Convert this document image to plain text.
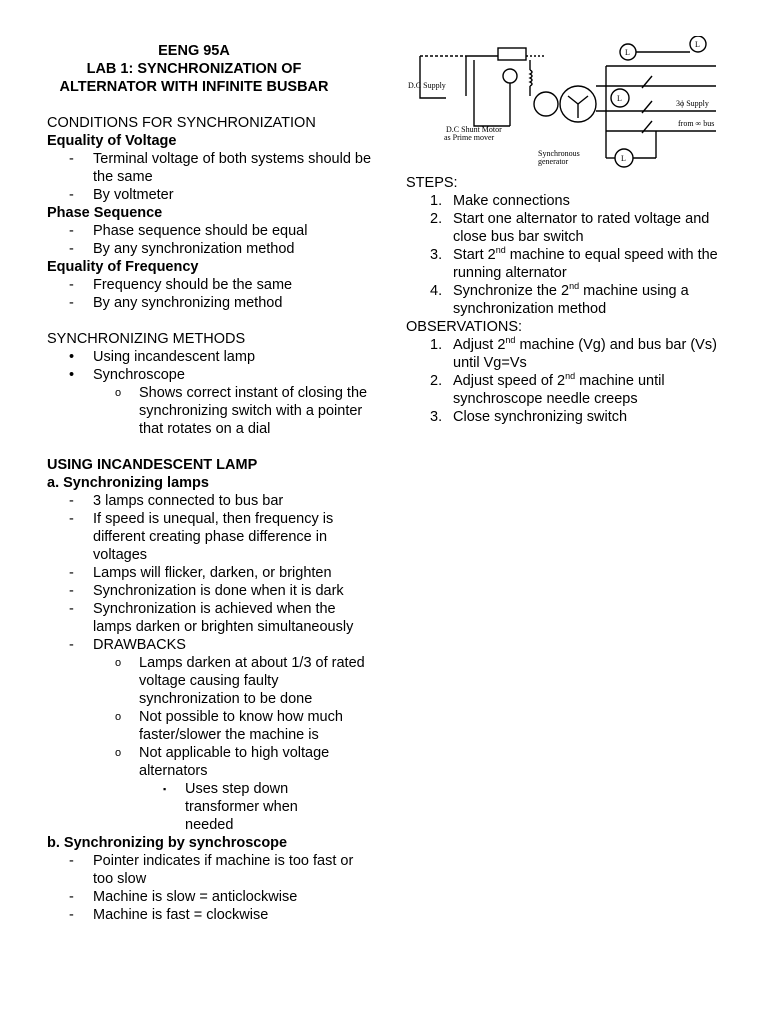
EENG 95A
LAB 1: SYNCHRONIZATION OF
ALTERNATOR WITH INFINITE BUSBAR
CONDITIONS FOR SYNCHRONIZATION
Equality of Voltage
- Terminal voltage of both systems should be the same
- By voltmeter
Phase Sequence
- Phase sequence should be equal
- By any synchronization method
Equality of Frequency
- Frequency should be the same
- By any synchronizing method
SYNCHRONIZING METHODS
• Using incandescent lamp
• Synchroscope
o Shows correct instant of closing the synchronizing switch with a pointer that rotates on a dial
USING INCANDESCENT LAMP
a. Synchronizing lamps
- 3 lamps connected to bus bar
- If speed is unequal, then frequency is different creating phase difference in voltages
- Lamps will flicker, darken, or brighten
- Synchronization is done when it is dark
- Synchronization is achieved when the lamps darken or brighten simultaneously
- DRAWBACKS
o Lamps darken at about 1/3 of rated voltage causing faulty synchronization to be done
o Not possible to know how much faster/slower the machine is
o Not applicable to high voltage alternators
▪ Uses step down transformer when needed
b. Synchronizing by synchroscope
- Pointer indicates if machine is too fast or too slow
- Machine is slow = anticlockwise
- Machine is fast = clockwise
D.C Supply
D.C Shunt Motor
as Prime mover
Synchronous
generator
3ϕ Supply
from ∞ bus
L
L
L
L
STEPS:
1. Make connections
2. Start one alternator to rated voltage and close bus bar switch
3. Start 2nd machine to equal speed with the running alternator
4. Synchronize the 2nd machine using a synchronization method
OBSERVATIONS:
1. Adjust 2nd machine (Vg) and bus bar (Vs) until Vg=Vs
2. Adjust speed of 2nd machine until synchroscope needle creeps
3. Close synchronizing switch
